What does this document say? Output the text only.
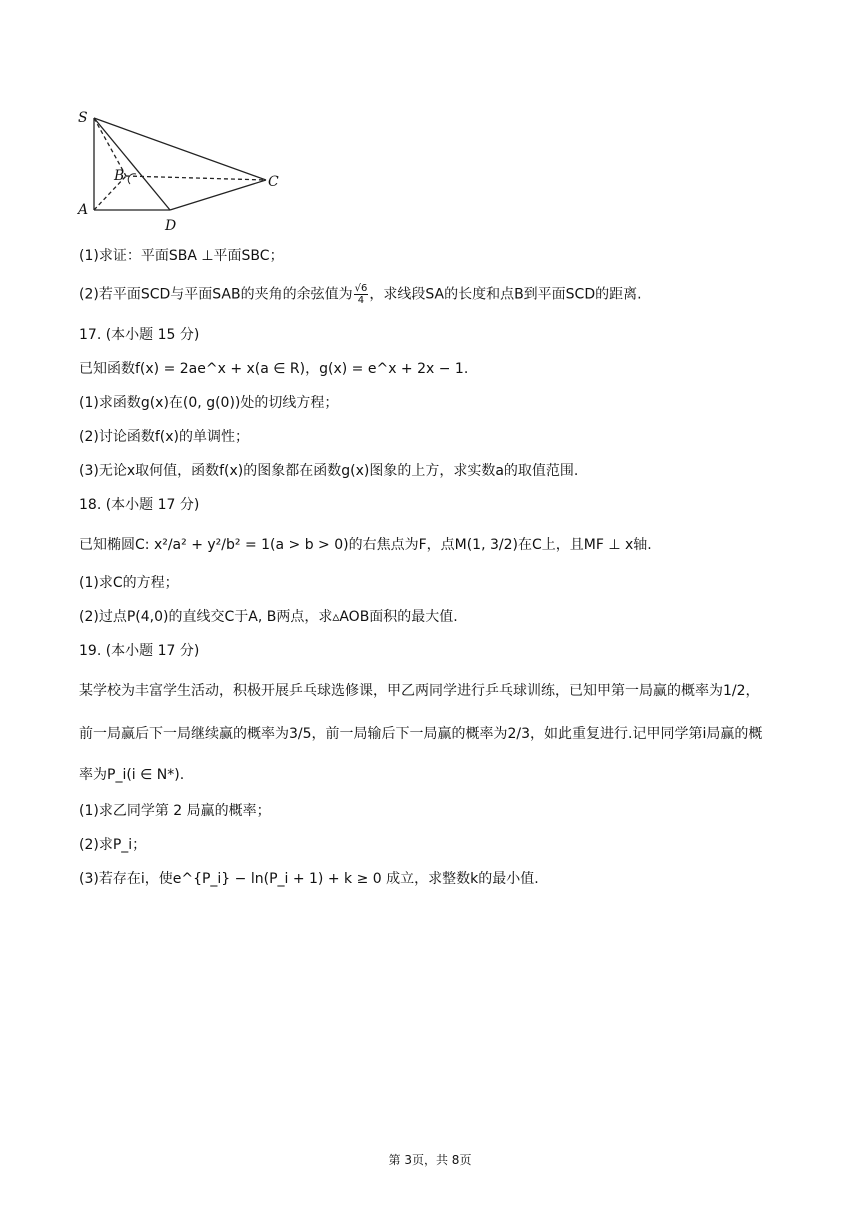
S
A
B	C
D
(1)求证：平面SBA ⊥平面SBC；
(2)若平面SCD与平面SAB的夹角的余弦值为 $\frac{√6}{4}$ ，求线段SA的长度和点B到平面SCD的距离.
17. (本小题 15 分)
已知函数f(x) = 2ae^x + x(a ∈ R)，g(x) = e^x + 2x − 1.
(1)求函数g(x)在(0, g(0))处的切线方程；
(2)讨论函数f(x)的单调性；
(3)无论x取何值，函数f(x)的图象都在函数g(x)图象的上方，求实数a的取值范围.
18. (本小题 17 分)
已知椭圆C: x²/a² + y²/b² = 1(a > b > 0)的右焦点为F，点M(1, 3/2)在C上，且MF ⊥ x轴.
(1)求C的方程；
(2)过点P(4,0)的直线交C于A, B两点，求▵AOB面积的最大值.
19. (本小题 17 分)
某学校为丰富学生活动，积极开展乒乓球选修课，甲乙两同学进行乒乓球训练，已知甲第一局赢的概率为1/2，
前一局赢后下一局继续赢的概率为3/5，前一局输后下一局赢的概率为2/3，如此重复进行.记甲同学第i局赢的概
率为P_i(i ∈ N*).
(1)求乙同学第 2 局赢的概率；
(2)求P_i；
(3)若存在i，使e^{P_i} − ln(P_i + 1) + k ≥ 0 成立，求整数k的最小值.
第 3页，共 8页
